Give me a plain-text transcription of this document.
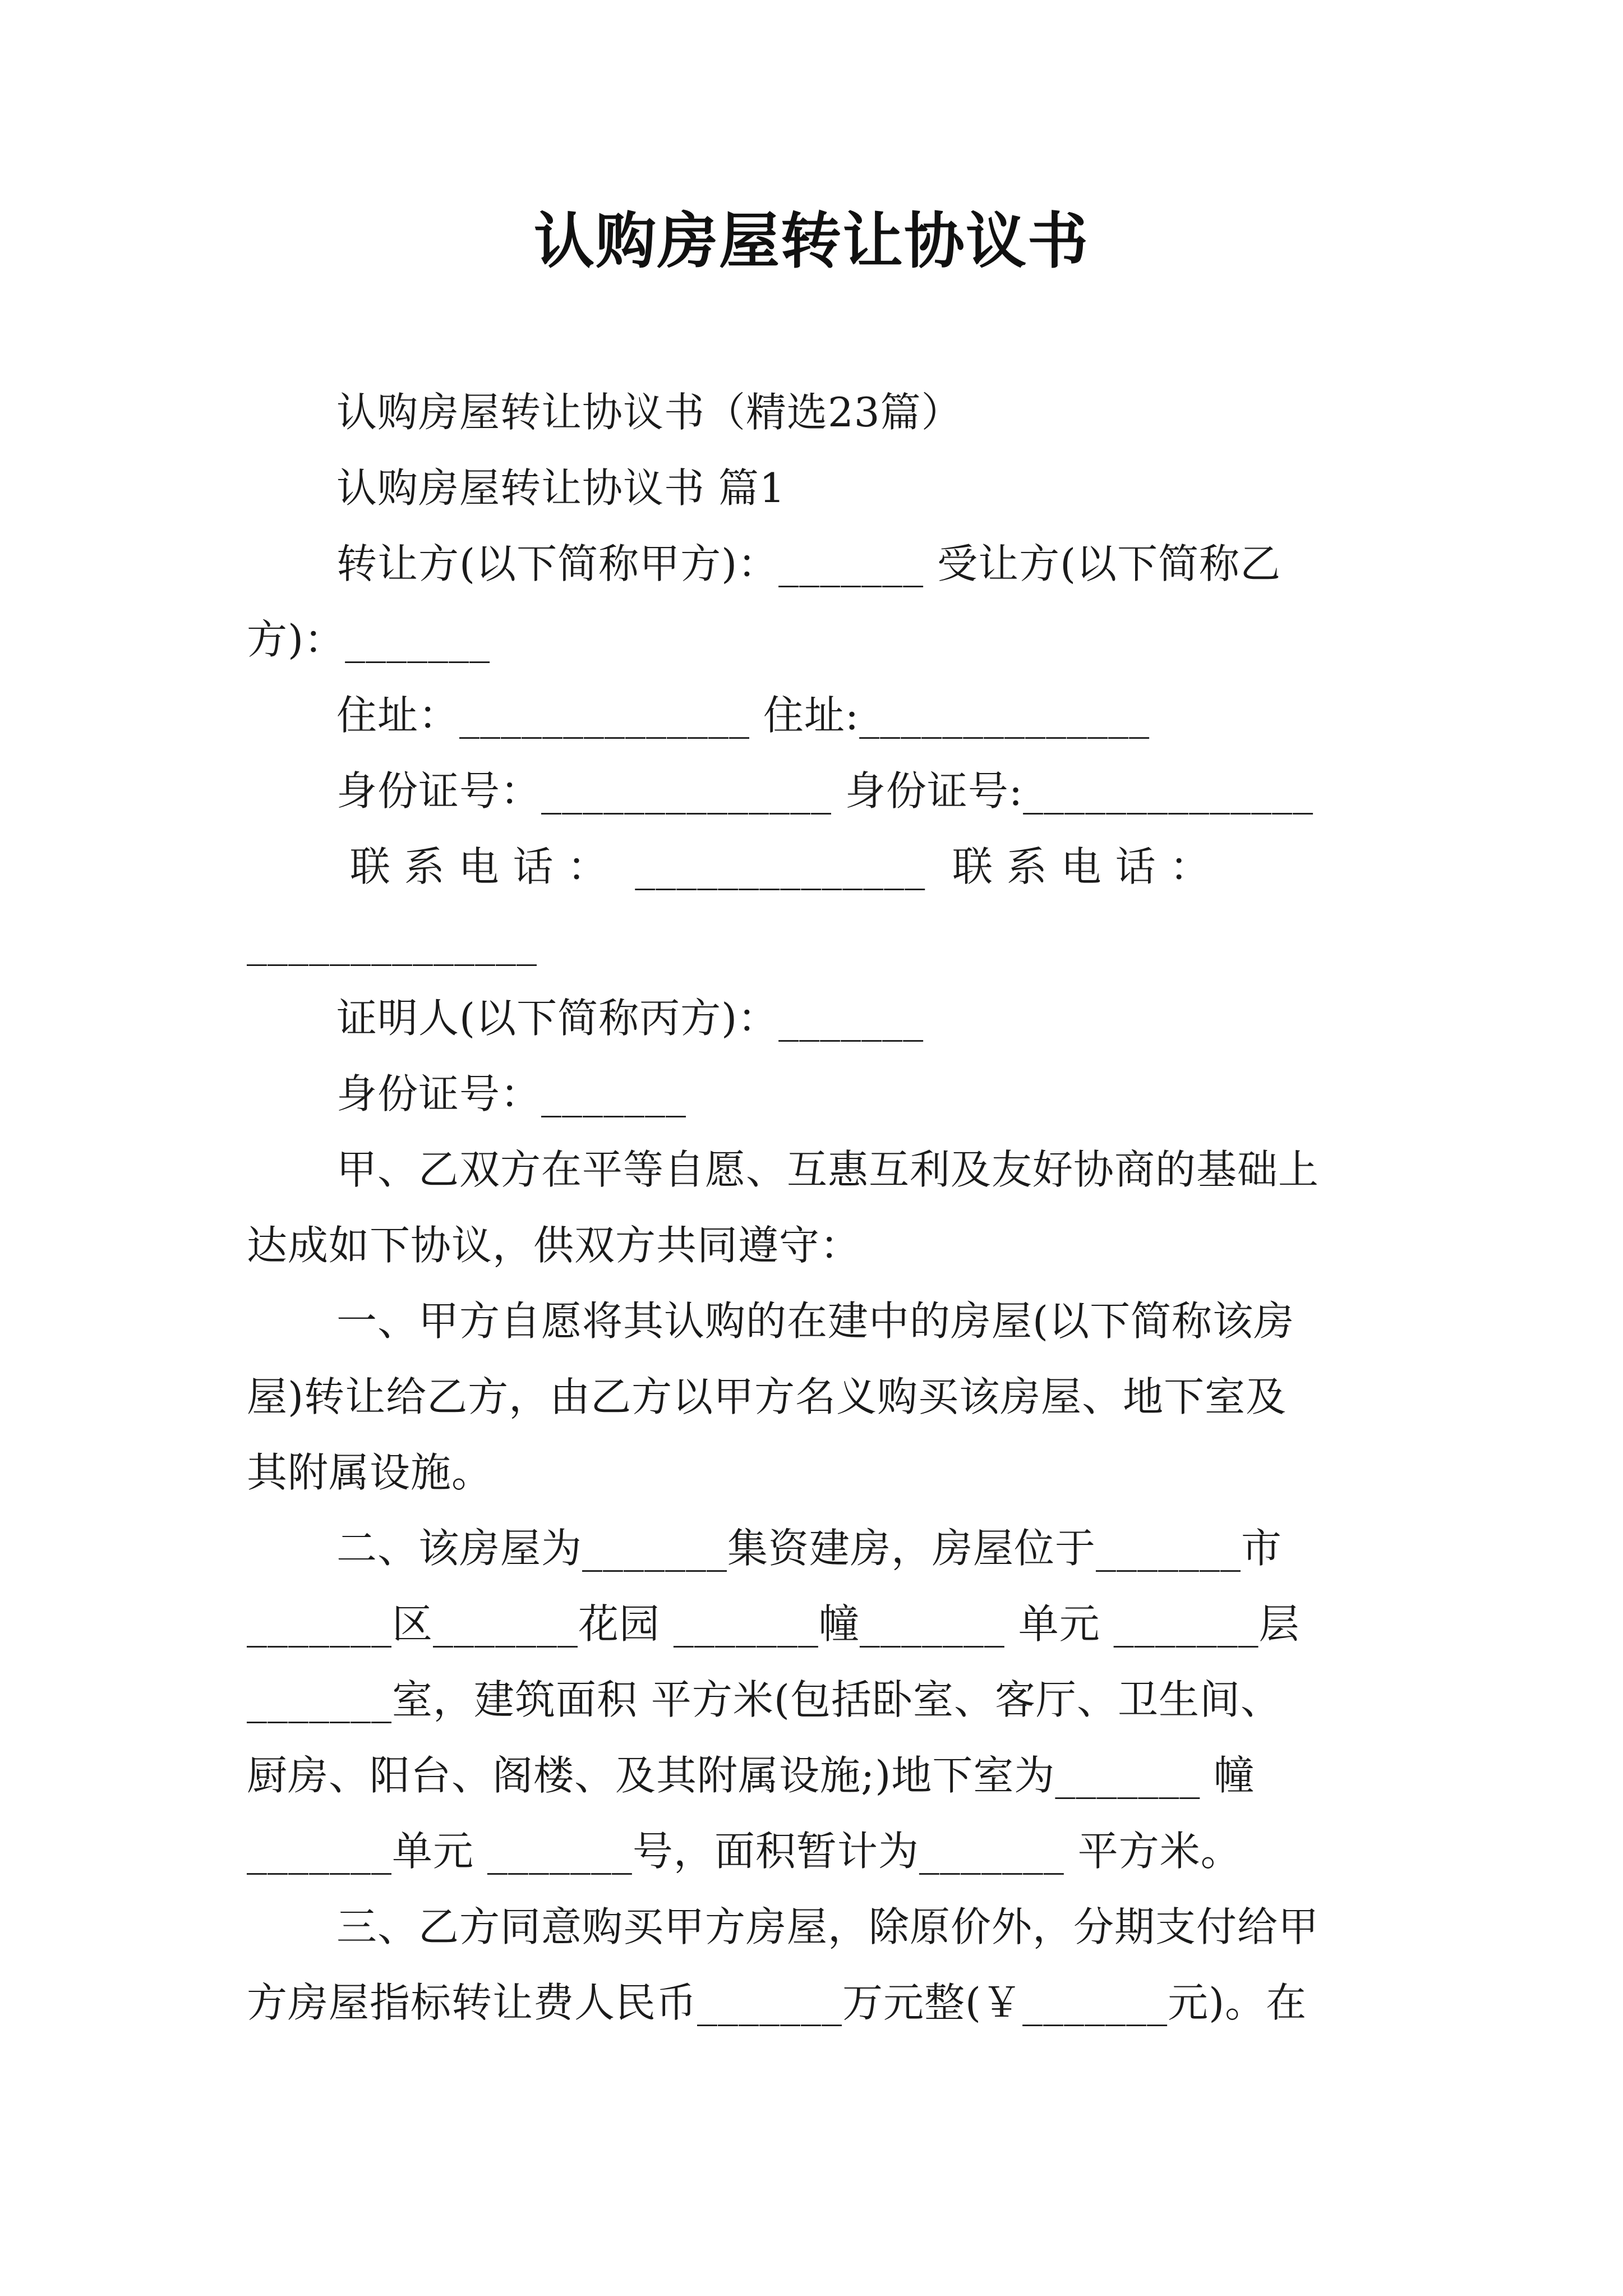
认购房屋转让协议书
认购房屋转让协议书（精选23篇）
认购房屋转让协议书 篇1
转让方(以下简称甲方)：_______ 受让方(以下简称乙
方)：_______
住址：______________ 住址:______________
身份证号：______________ 身份证号:______________
联 系 电 话 ：  ______________  联 系 电 话 ：
______________
证明人(以下简称丙方)：_______
身份证号：_______
甲、乙双方在平等自愿、互惠互利及友好协商的基础上
达成如下协议，供双方共同遵守：
一、甲方自愿将其认购的在建中的房屋(以下简称该房
屋)转让给乙方，由乙方以甲方名义购买该房屋、地下室及
其附属设施。
二、该房屋为_______集资建房，房屋位于_______市
_______区_______花园 _______幢_______ 单元 _______层
_______室，建筑面积 平方米(包括卧室、客厅、卫生间、
厨房、阳台、阁楼、及其附属设施;)地下室为_______ 幢
_______单元 _______号，面积暂计为_______ 平方米。
三、乙方同意购买甲方房屋，除原价外，分期支付给甲
方房屋指标转让费人民币_______万元整(￥_______元)。在
